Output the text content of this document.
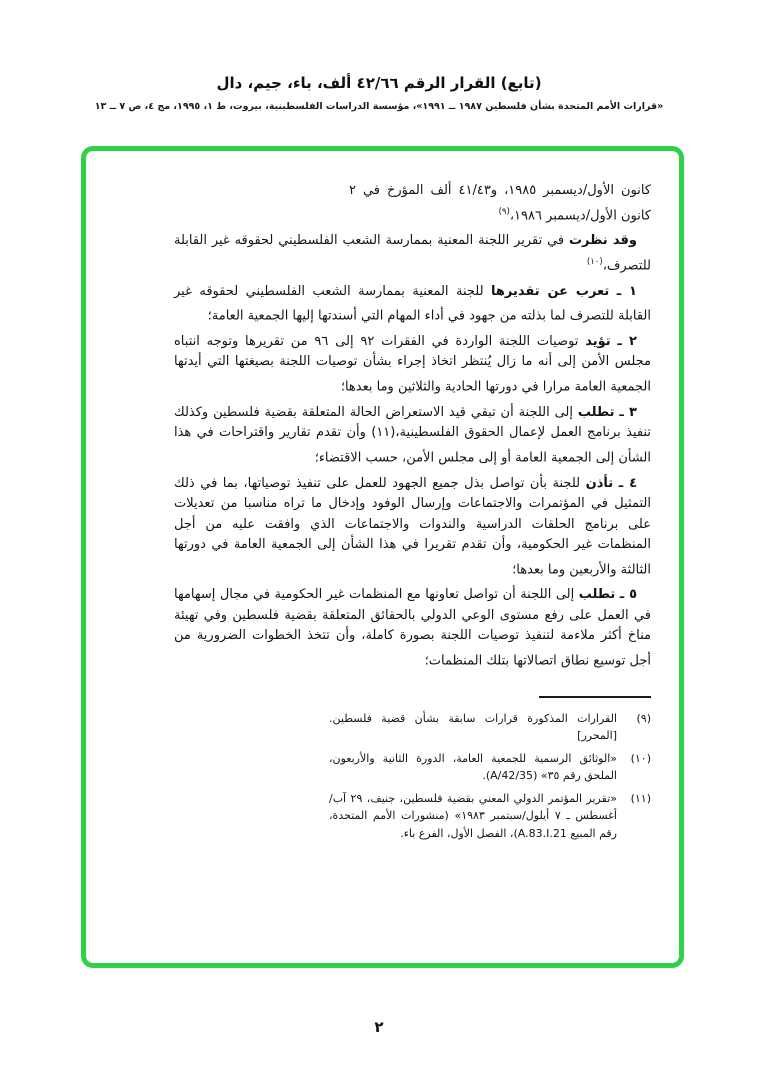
(تابع) القرار الرقم ٤٢/٦٦ ألف، باء، جيم، دال
«قرارات الأمم المتحدة بشأن فلسطين ١٩٨٧ ــ ١٩٩١»، مؤسسة الدراسات الفلسطينية، بيروت، ط ١، ١٩٩٥، مج ٤، ص ٧ ــ ١٣

كانون الأول/ديسمبر ١٩٨٥، و٤١/٤٣ ألف المؤرخ في ٢ كانون الأول/ديسمبر ١٩٨٦،$^{(٩)}$

وقد نظرت في تقرير اللجنة المعنية بممارسة الشعب الفلسطيني لحقوقه غير القابلة للتصرف،$^{(١٠)}$

١ ـ تعرب عن تقديرها للجنة المعنية بممارسة الشعب الفلسطيني لحقوقه غير القابلة للتصرف لما بذلته من جهود في أداء المهام التي أسندتها إليها الجمعية العامة؛

٢ ـ تؤيد توصيات اللجنة الواردة في الفقرات ٩٢ إلى ٩٦ من تقريرها وتوجه انتباه مجلس الأمن إلى أنه ما زال يُنتظر اتخاذ إجراء بشأن توصيات اللجنة بصيغتها التي أيدتها الجمعية العامة مرارا في دورتها الحادية والثلاثين وما بعدها؛

٣ ـ تطلب إلى اللجنة أن تبقي قيد الاستعراض الحالة المتعلقة بقضية فلسطين وكذلك تنفيذ برنامج العمل لإعمال الحقوق الفلسطينية،(١١) وأن تقدم تقارير واقتراحات في هذا الشأن إلى الجمعية العامة أو إلى مجلس الأمن، حسب الاقتضاء؛

٤ ـ تأذن للجنة بأن تواصل بذل جميع الجهود للعمل على تنفيذ توصياتها، بما في ذلك التمثيل في المؤتمرات والاجتماعات وإرسال الوفود وإدخال ما تراه مناسبا من تعديلات على برنامج الحلقات الدراسية والندوات والاجتماعات الذي وافقت عليه من أجل المنظمات غير الحكومية، وأن تقدم تقريرا في هذا الشأن إلى الجمعية العامة في دورتها الثالثة والأربعين وما بعدها؛

٥ ـ تطلب إلى اللجنة أن تواصل تعاونها مع المنظمات غير الحكومية في مجال إسهامها في العمل على رفع مستوى الوعي الدولي بالحقائق المتعلقة بقضية فلسطين وفي تهيئة مناخ أكثر ملاءمة لتنفيذ توصيات اللجنة بصورة كاملة، وأن تتخذ الخطوات الضرورية من أجل توسيع نطاق اتصالاتها بتلك المنظمات؛

(٩)
القرارات المذكورة قرارات سابقة بشأن قضية فلسطين. [المحرر]
(١٠)
«الوثائق الرسمية للجمعية العامة، الدورة الثانية والأربعون، الملحق رقم ٣٥» (A/42/35).
(١١)
«تقرير المؤتمر الدولي المعني بقضية فلسطين، جنيف، ٢٩ آب/أغسطس ـ ٧ أيلول/سبتمبر ١٩٨٣» (منشورات الأمم المتحدة، رقم المبيع A.83.I.21)، الفصل الأول، الفرع باء.
٢
